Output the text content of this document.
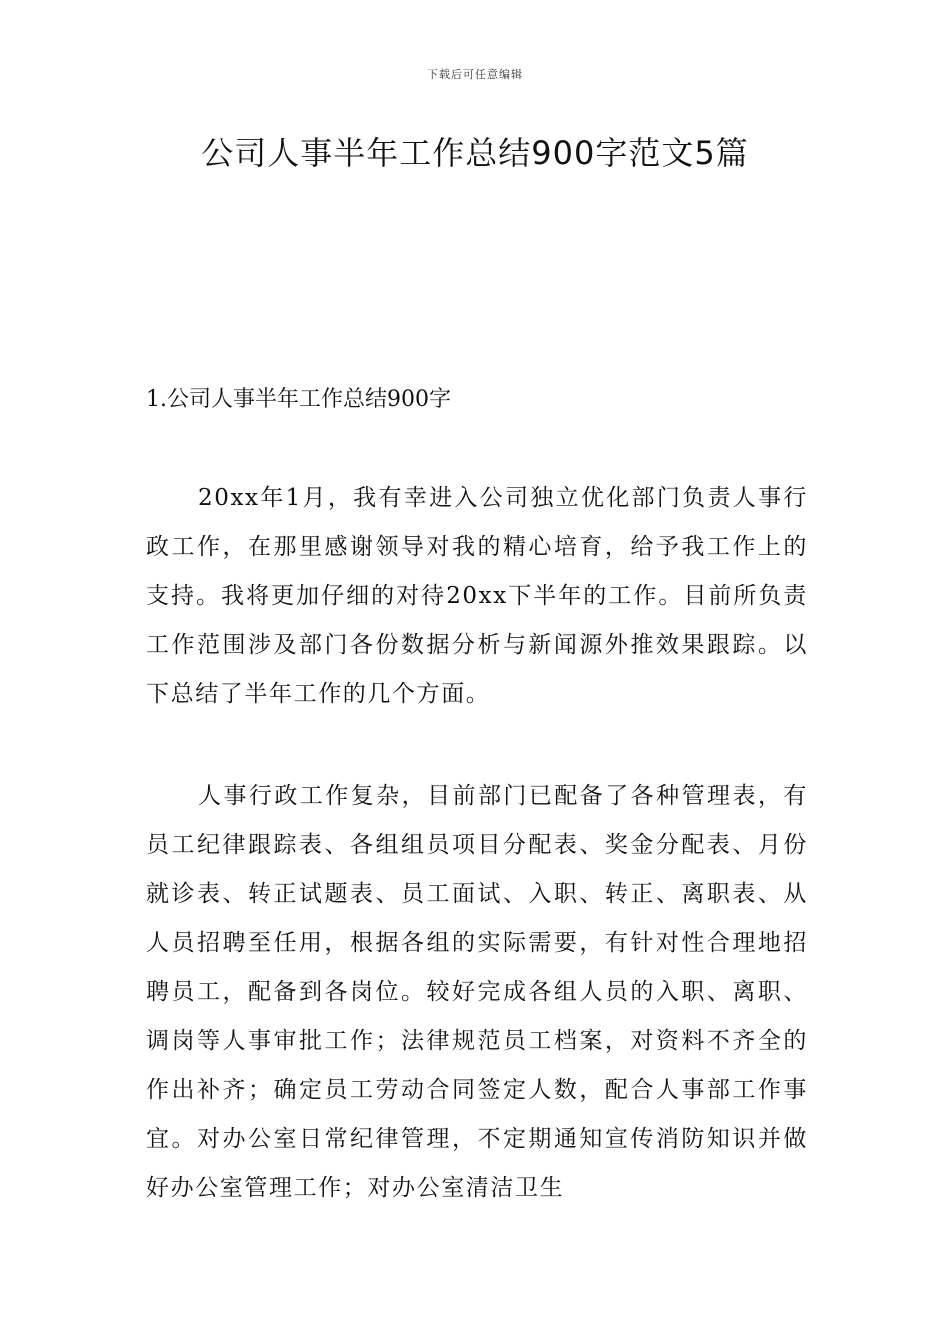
下载后可任意编辑
公司人事半年工作总结900字范文5篇
1.公司人事半年工作总结900字

20xx年1月，我有幸进入公司独立优化部门负责人事行政工作，在那里感谢领导对我的精心培育，给予我工作上的支持。我将更加仔细的对待20xx下半年的工作。目前所负责工作范围涉及部门各份数据分析与新闻源外推效果跟踪。以下总结了半年工作的几个方面。

人事行政工作复杂，目前部门已配备了各种管理表，有员工纪律跟踪表、各组组员项目分配表、奖金分配表、月份就诊表、转正试题表、员工面试、入职、转正、离职表、从人员招聘至任用，根据各组的实际需要，有针对性合理地招聘员工，配备到各岗位。较好完成各组人员的入职、离职、调岗等人事审批工作；法律规范员工档案，对资料不齐全的作出补齐；确定员工劳动合同签定人数，配合人事部工作事宜。对办公室日常纪律管理，不定期通知宣传消防知识并做好办公室管理工作；对办公室清洁卫生
